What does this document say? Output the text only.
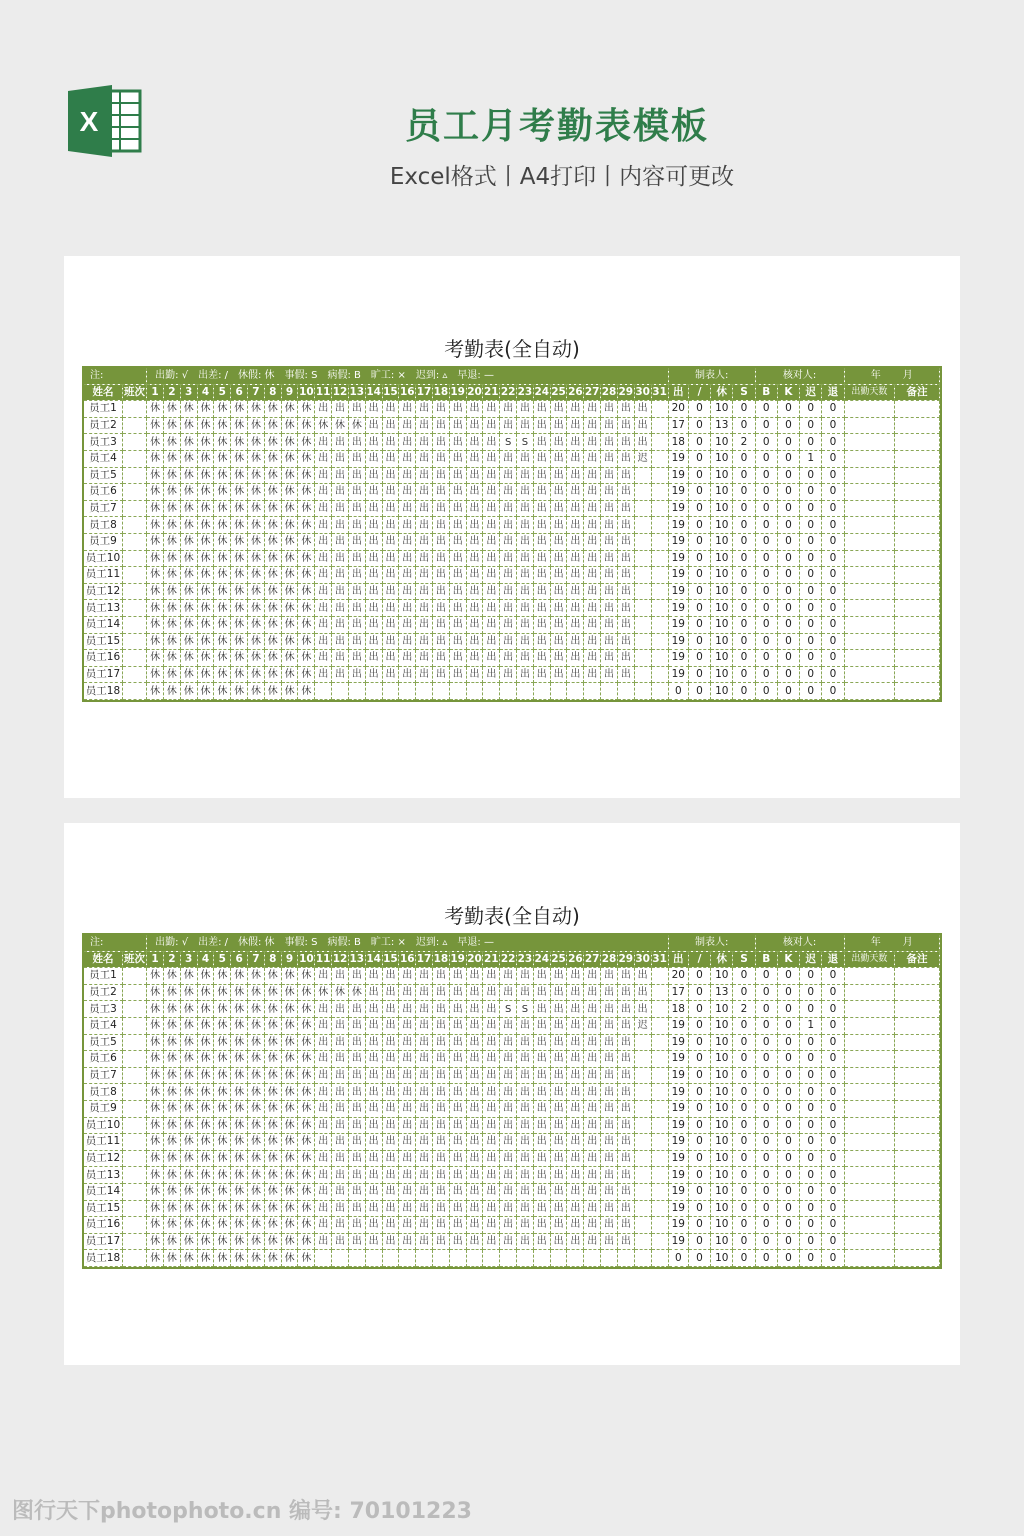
X	员工月考勤表模板
Excel格式丨A4打印丨内容可更改
考勤表(全自动)
注:		出勤: √ 出差: / 休假: 休 事假: S 病假: B 旷工: × 迟到: ▵ 早退: —																															制表人:				核对人:				年 月	
姓名	班次	1	2	3	4	5	6	7	8	9	10	11	12	13	14	15	16	17	18	19	20	21	22	23	24	25	26	27	28	29	30	31	出	/	休	S	B	K	迟	退	出勤天数	备注
员工1		休	休	休	休	休	休	休	休	休	休	出	出	出	出	出	出	出	出	出	出	出	出	出	出	出	出	出	出	出	出		20	0	10	0	0	0	0	0		
员工2		休	休	休	休	休	休	休	休	休	休	休	休	休	出	出	出	出	出	出	出	出	出	出	出	出	出	出	出	出	出		17	0	13	0	0	0	0	0		
员工3		休	休	休	休	休	休	休	休	休	休	出	出	出	出	出	出	出	出	出	出	出	S	S	出	出	出	出	出	出	出		18	0	10	2	0	0	0	0		
员工4		休	休	休	休	休	休	休	休	休	休	出	出	出	出	出	出	出	出	出	出	出	出	出	出	出	出	出	出	出	迟		19	0	10	0	0	0	1	0		
员工5		休	休	休	休	休	休	休	休	休	休	出	出	出	出	出	出	出	出	出	出	出	出	出	出	出	出	出	出	出			19	0	10	0	0	0	0	0		
员工6		休	休	休	休	休	休	休	休	休	休	出	出	出	出	出	出	出	出	出	出	出	出	出	出	出	出	出	出	出			19	0	10	0	0	0	0	0		
员工7		休	休	休	休	休	休	休	休	休	休	出	出	出	出	出	出	出	出	出	出	出	出	出	出	出	出	出	出	出			19	0	10	0	0	0	0	0		
员工8		休	休	休	休	休	休	休	休	休	休	出	出	出	出	出	出	出	出	出	出	出	出	出	出	出	出	出	出	出			19	0	10	0	0	0	0	0		
员工9		休	休	休	休	休	休	休	休	休	休	出	出	出	出	出	出	出	出	出	出	出	出	出	出	出	出	出	出	出			19	0	10	0	0	0	0	0		
员工10		休	休	休	休	休	休	休	休	休	休	出	出	出	出	出	出	出	出	出	出	出	出	出	出	出	出	出	出	出			19	0	10	0	0	0	0	0		
员工11		休	休	休	休	休	休	休	休	休	休	出	出	出	出	出	出	出	出	出	出	出	出	出	出	出	出	出	出	出			19	0	10	0	0	0	0	0		
员工12		休	休	休	休	休	休	休	休	休	休	出	出	出	出	出	出	出	出	出	出	出	出	出	出	出	出	出	出	出			19	0	10	0	0	0	0	0		
员工13		休	休	休	休	休	休	休	休	休	休	出	出	出	出	出	出	出	出	出	出	出	出	出	出	出	出	出	出	出			19	0	10	0	0	0	0	0		
员工14		休	休	休	休	休	休	休	休	休	休	出	出	出	出	出	出	出	出	出	出	出	出	出	出	出	出	出	出	出			19	0	10	0	0	0	0	0		
员工15		休	休	休	休	休	休	休	休	休	休	出	出	出	出	出	出	出	出	出	出	出	出	出	出	出	出	出	出	出			19	0	10	0	0	0	0	0		
员工16		休	休	休	休	休	休	休	休	休	休	出	出	出	出	出	出	出	出	出	出	出	出	出	出	出	出	出	出	出			19	0	10	0	0	0	0	0		
员工17		休	休	休	休	休	休	休	休	休	休	出	出	出	出	出	出	出	出	出	出	出	出	出	出	出	出	出	出	出			19	0	10	0	0	0	0	0		
员工18		休	休	休	休	休	休	休	休	休	休																						0	0	10	0	0	0	0	0		
考勤表(全自动)
注:		出勤: √ 出差: / 休假: 休 事假: S 病假: B 旷工: × 迟到: ▵ 早退: —																															制表人:				核对人:				年 月	
姓名	班次	1	2	3	4	5	6	7	8	9	10	11	12	13	14	15	16	17	18	19	20	21	22	23	24	25	26	27	28	29	30	31	出	/	休	S	B	K	迟	退	出勤天数	备注
员工1		休	休	休	休	休	休	休	休	休	休	出	出	出	出	出	出	出	出	出	出	出	出	出	出	出	出	出	出	出	出		20	0	10	0	0	0	0	0		
员工2		休	休	休	休	休	休	休	休	休	休	休	休	休	出	出	出	出	出	出	出	出	出	出	出	出	出	出	出	出	出		17	0	13	0	0	0	0	0		
员工3		休	休	休	休	休	休	休	休	休	休	出	出	出	出	出	出	出	出	出	出	出	S	S	出	出	出	出	出	出	出		18	0	10	2	0	0	0	0		
员工4		休	休	休	休	休	休	休	休	休	休	出	出	出	出	出	出	出	出	出	出	出	出	出	出	出	出	出	出	出	迟		19	0	10	0	0	0	1	0		
员工5		休	休	休	休	休	休	休	休	休	休	出	出	出	出	出	出	出	出	出	出	出	出	出	出	出	出	出	出	出			19	0	10	0	0	0	0	0		
员工6		休	休	休	休	休	休	休	休	休	休	出	出	出	出	出	出	出	出	出	出	出	出	出	出	出	出	出	出	出			19	0	10	0	0	0	0	0		
员工7		休	休	休	休	休	休	休	休	休	休	出	出	出	出	出	出	出	出	出	出	出	出	出	出	出	出	出	出	出			19	0	10	0	0	0	0	0		
员工8		休	休	休	休	休	休	休	休	休	休	出	出	出	出	出	出	出	出	出	出	出	出	出	出	出	出	出	出	出			19	0	10	0	0	0	0	0		
员工9		休	休	休	休	休	休	休	休	休	休	出	出	出	出	出	出	出	出	出	出	出	出	出	出	出	出	出	出	出			19	0	10	0	0	0	0	0		
员工10		休	休	休	休	休	休	休	休	休	休	出	出	出	出	出	出	出	出	出	出	出	出	出	出	出	出	出	出	出			19	0	10	0	0	0	0	0		
员工11		休	休	休	休	休	休	休	休	休	休	出	出	出	出	出	出	出	出	出	出	出	出	出	出	出	出	出	出	出			19	0	10	0	0	0	0	0		
员工12		休	休	休	休	休	休	休	休	休	休	出	出	出	出	出	出	出	出	出	出	出	出	出	出	出	出	出	出	出			19	0	10	0	0	0	0	0		
员工13		休	休	休	休	休	休	休	休	休	休	出	出	出	出	出	出	出	出	出	出	出	出	出	出	出	出	出	出	出			19	0	10	0	0	0	0	0		
员工14		休	休	休	休	休	休	休	休	休	休	出	出	出	出	出	出	出	出	出	出	出	出	出	出	出	出	出	出	出			19	0	10	0	0	0	0	0		
员工15		休	休	休	休	休	休	休	休	休	休	出	出	出	出	出	出	出	出	出	出	出	出	出	出	出	出	出	出	出			19	0	10	0	0	0	0	0		
员工16		休	休	休	休	休	休	休	休	休	休	出	出	出	出	出	出	出	出	出	出	出	出	出	出	出	出	出	出	出			19	0	10	0	0	0	0	0		
员工17		休	休	休	休	休	休	休	休	休	休	出	出	出	出	出	出	出	出	出	出	出	出	出	出	出	出	出	出	出			19	0	10	0	0	0	0	0		
员工18		休	休	休	休	休	休	休	休	休	休																						0	0	10	0	0	0	0	0		
图行天下photophoto.cn 编号: 70101223
